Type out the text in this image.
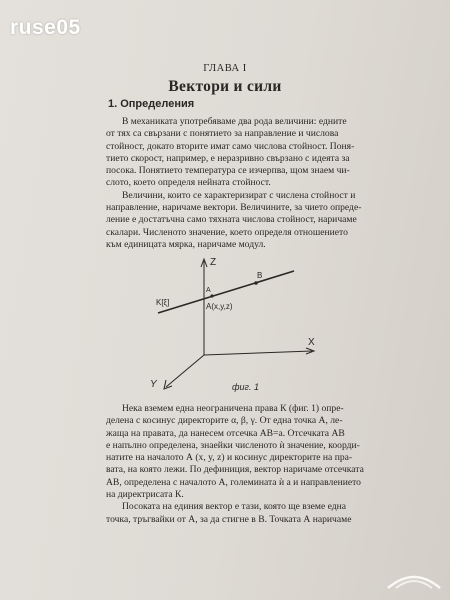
ruse05
ГЛАВА I
Вектори и сили
1. Определения
В механиката употребяваме два рода величини: едните
от тях са свързани с понятието за направление и числова
стойност, докато вторите имат само числова стойност. Поня-
тието скорост, например, е неразривно свързано с идеята за
посока. Понятието температура се изчерпва, щом знаем чи-
слото, което определя нейната стойност.
Величини, които се характеризират с числена стойност и
направление, наричаме вектори. Величините, за чието опреде-
ление е достатъчна само тяхната числова стойност, наричаме
скалари. Численото значение, което определя отношението
към единицата мярка, наричаме модул.
Z
X
Y
B
A
K[ξ]	A(x,y,z)
фиг. 1
Нека вземем една неограничена права К (фиг. 1) опре-
делена с косинус директорите α, β, γ. От една точка А, ле-
жаща на правата, да нанесем отсечка AB=a. Отсечката AB
е напълно определена, знаейки численото ѝ значение, коорди-
натите на началото А (x, y, z) и косинус директорите на пра-
вата, на която лежи. По дефиниция, вектор наричаме отсечката
AB, определена с началото А, големината ѝ a и направлението
на директрисата К.
Посоката на единия вектор е тази, която ще вземе една
точка, тръгвайки от А, за да стигне в В. Точката А наричаме
